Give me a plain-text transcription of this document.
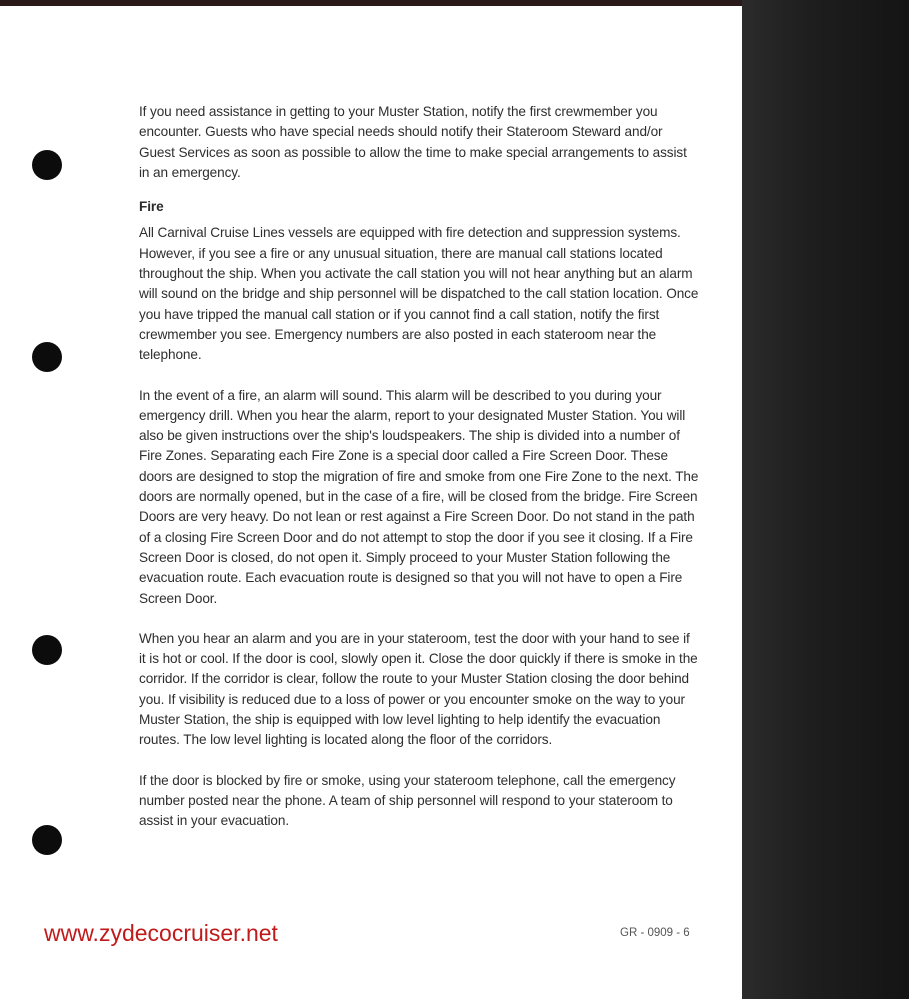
If you need assistance in getting to your Muster Station, notify the first crewmember you encounter. Guests who have special needs should notify their Stateroom Steward and/or Guest Services as soon as possible to allow the time to make special arrangements to assist in an emergency.

Fire

All Carnival Cruise Lines vessels are equipped with fire detection and suppression systems. However, if you see a fire or any unusual situation, there are manual call stations located throughout the ship. When you activate the call station you will not hear anything but an alarm will sound on the bridge and ship personnel will be dispatched to the call station location. Once you have tripped the manual call station or if you cannot find a call station, notify the first crewmember you see. Emergency numbers are also posted in each stateroom near the telephone.

In the event of a fire, an alarm will sound. This alarm will be described to you during your emergency drill. When you hear the alarm, report to your designated Muster Station. You will also be given instructions over the ship's loudspeakers. The ship is divided into a number of Fire Zones. Separating each Fire Zone is a special door called a Fire Screen Door. These doors are designed to stop the migration of fire and smoke from one Fire Zone to the next. The doors are normally opened, but in the case of a fire, will be closed from the bridge. Fire Screen Doors are very heavy. Do not lean or rest against a Fire Screen Door. Do not stand in the path of a closing Fire Screen Door and do not attempt to stop the door if you see it closing. If a Fire Screen Door is closed, do not open it. Simply proceed to your Muster Station following the evacuation route. Each evacuation route is designed so that you will not have to open a Fire Screen Door.

When you hear an alarm and you are in your stateroom, test the door with your hand to see if it is hot or cool. If the door is cool, slowly open it. Close the door quickly if there is smoke in the corridor. If the corridor is clear, follow the route to your Muster Station closing the door behind you. If visibility is reduced due to a loss of power or you encounter smoke on the way to your Muster Station, the ship is equipped with low level lighting to help identify the evacuation routes. The low level lighting is located along the floor of the corridors.

If the door is blocked by fire or smoke, using your stateroom telephone, call the emergency number posted near the phone. A team of ship personnel will respond to your stateroom to assist in your evacuation.

www.zydecocruiser.net	GR - 0909 - 6
